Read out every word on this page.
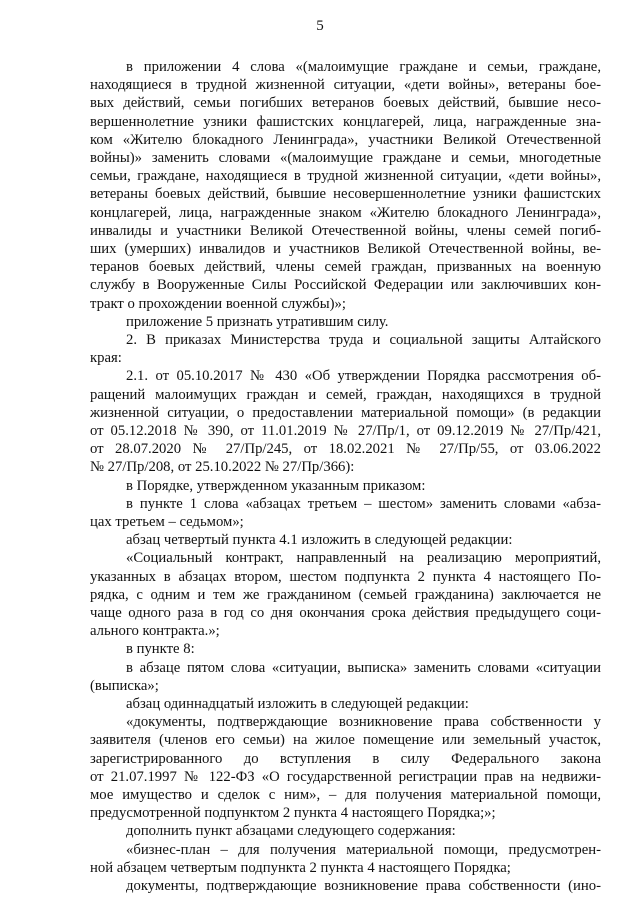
5
в приложении 4 слова «(малоимущие граждане и семьи, граждане,
находящиеся в трудной жизненной ситуации, «дети войны», ветераны бое-
вых действий, семьи погибших ветеранов боевых действий, бывшие несо-
вершеннолетние узники фашистских концлагерей, лица, награжденные зна-
ком «Жителю блокадного Ленинграда», участники Великой Отечественной
войны)» заменить словами «(малоимущие граждане и семьи, многодетные
семьи, граждане, находящиеся в трудной жизненной ситуации, «дети войны»,
ветераны боевых действий, бывшие несовершеннолетние узники фашистских
концлагерей, лица, награжденные знаком «Жителю блокадного Ленинграда»,
инвалиды и участники Великой Отечественной войны, члены семей погиб-
ших (умерших) инвалидов и участников Великой Отечественной войны, ве-
теранов боевых действий, члены семей граждан, призванных на военную
службу в Вооруженные Силы Российской Федерации или заключивших кон-
тракт о прохождении военной службы)»;
приложение 5 признать утратившим силу.
2. В приказах Министерства труда и социальной защиты Алтайского
края:
2.1. от 05.10.2017 № 430 «Об утверждении Порядка рассмотрения об-
ращений малоимущих граждан и семей, граждан, находящихся в трудной
жизненной ситуации, о предоставлении материальной помощи» (в редакции
от 05.12.2018 № 390, от 11.01.2019 № 27/Пр/1, от 09.12.2019 № 27/Пр/421,
от 28.07.2020 № 27/Пр/245, от 18.02.2021 № 27/Пр/55, от 03.06.2022
№ 27/Пр/208, от 25.10.2022 № 27/Пр/366):
в Порядке, утвержденном указанным приказом:
в пункте 1 слова «абзацах третьем – шестом» заменить словами «абза-
цах третьем – седьмом»;
абзац четвертый пункта 4.1 изложить в следующей редакции:
«Социальный контракт, направленный на реализацию мероприятий,
указанных в абзацах втором, шестом подпункта 2 пункта 4 настоящего По-
рядка, с одним и тем же гражданином (семьей гражданина) заключается не
чаще одного раза в год со дня окончания срока действия предыдущего соци-
ального контракта.»;
в пункте 8:
в абзаце пятом слова «ситуации, выписка» заменить словами «ситуации
(выписка»;
абзац одиннадцатый изложить в следующей редакции:
«документы, подтверждающие возникновение права собственности у
заявителя (членов его семьи) на жилое помещение или земельный участок,
зарегистрированного до вступления в силу Федерального закона
от 21.07.1997 № 122-ФЗ «О государственной регистрации прав на недвижи-
мое имущество и сделок с ним», – для получения материальной помощи,
предусмотренной подпунктом 2 пункта 4 настоящего Порядка;»;
дополнить пункт абзацами следующего содержания:
«бизнес-план – для получения материальной помощи, предусмотрен-
ной абзацем четвертым подпункта 2 пункта 4 настоящего Порядка;
документы, подтверждающие возникновение права собственности (ино-
